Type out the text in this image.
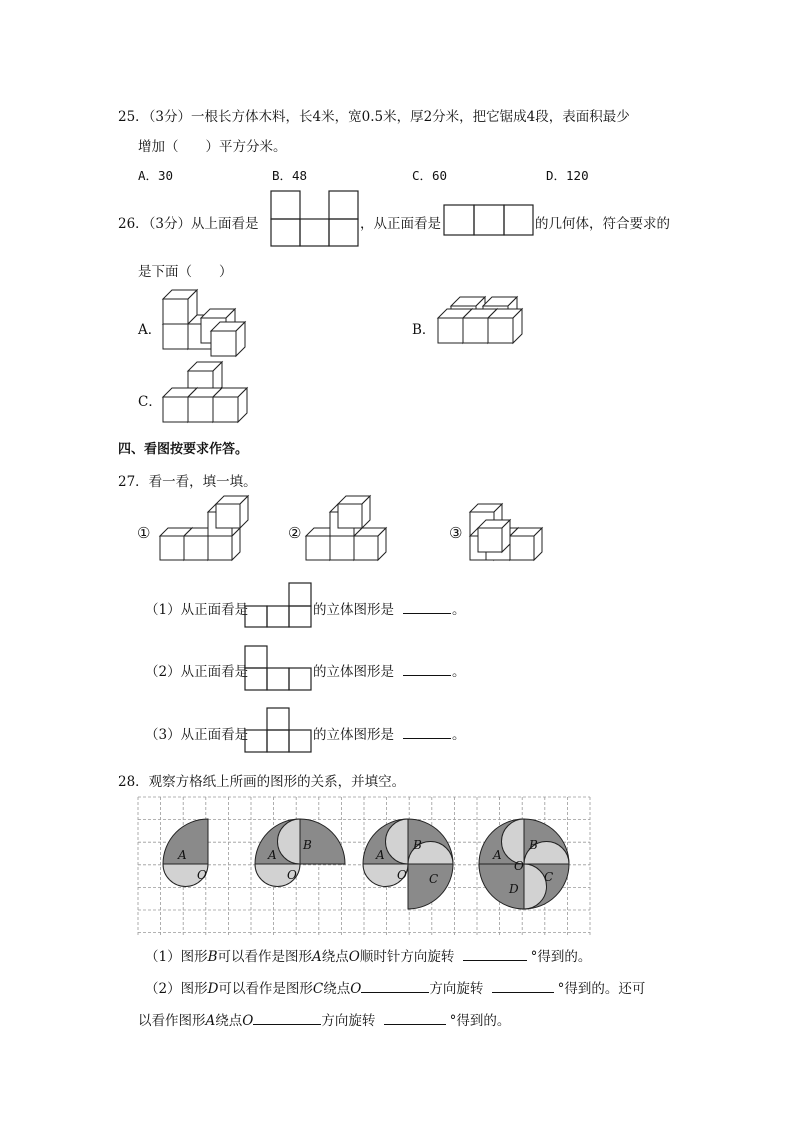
25．（3分）一根长方体木料，长4米，宽0.5米，厚2分米，把它锯成4段，表面积最少
增加（　　）平方分米。
A．30	B．48	C．60	D．120
26．（3分）从上面看是	，从正面看是	的几何体，符合要求的
是下面（　　）
A．	B．
C．
四、看图按要求作答。
27．看一看，填一填。
①	②	③
（1）从正面看是	的立体图形是	。
（2）从正面看是	的立体图形是	。
（3）从正面看是	的立体图形是	。
28．观察方格纸上所画的图形的关系，并填空。
A
O
A
B
O
A
B
C
O
A
B
C
D
O
（1）图形B可以看作是图形A绕点O顺时针方向旋转	°得到的。
（2）图形D可以看作是图形C绕点O	方向旋转	°得到的。还可
以看作图形A绕点O	方向旋转	°得到的。
